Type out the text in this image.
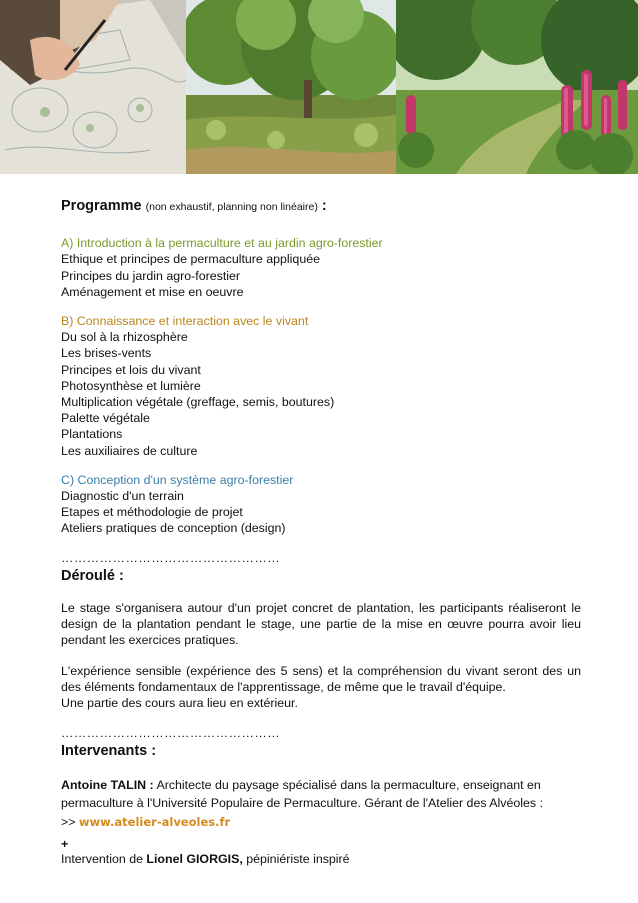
Programme (non exhaustif, planning non linéaire) :
A) Introduction à la permaculture et au jardin agro-forestier
Ethique et principes de permaculture appliquée
Principes du jardin agro-forestier
Aménagement et mise en oeuvre
B) Connaissance et interaction avec le vivant
Du sol à la rhizosphère
Les brises-vents
Principes et lois du vivant
Photosynthèse et lumière
Multiplication végétale (greffage, semis, boutures)
Palette végétale
Plantations
Les auxiliaires de culture
C) Conception d'un système agro-forestier
Diagnostic d'un terrain
Etapes et méthodologie de projet
Ateliers pratiques de conception (design)
……………………………………………
Déroulé :

Le stage s'organisera autour d'un projet concret de plantation, les participants réaliseront le design de la plantation pendant le stage, une partie de la mise en œuvre pourra avoir lieu pendant les exercices pratiques.

L'expérience sensible (expérience des 5 sens) et la compréhension du vivant seront des un des éléments fondamentaux de l'apprentissage, de même que le travail d'équipe.
Une partie des cours aura lieu en extérieur.

……………………………………………
Intervenants :
Antoine TALIN : Architecte du paysage spécialisé dans la permaculture, enseignant en permaculture à l'Université Populaire de Permaculture. Gérant de l'Atelier des Alvéoles :
>> www.atelier-alveoles.fr
+
Intervention de Lionel GIORGIS, pépiniériste inspiré
